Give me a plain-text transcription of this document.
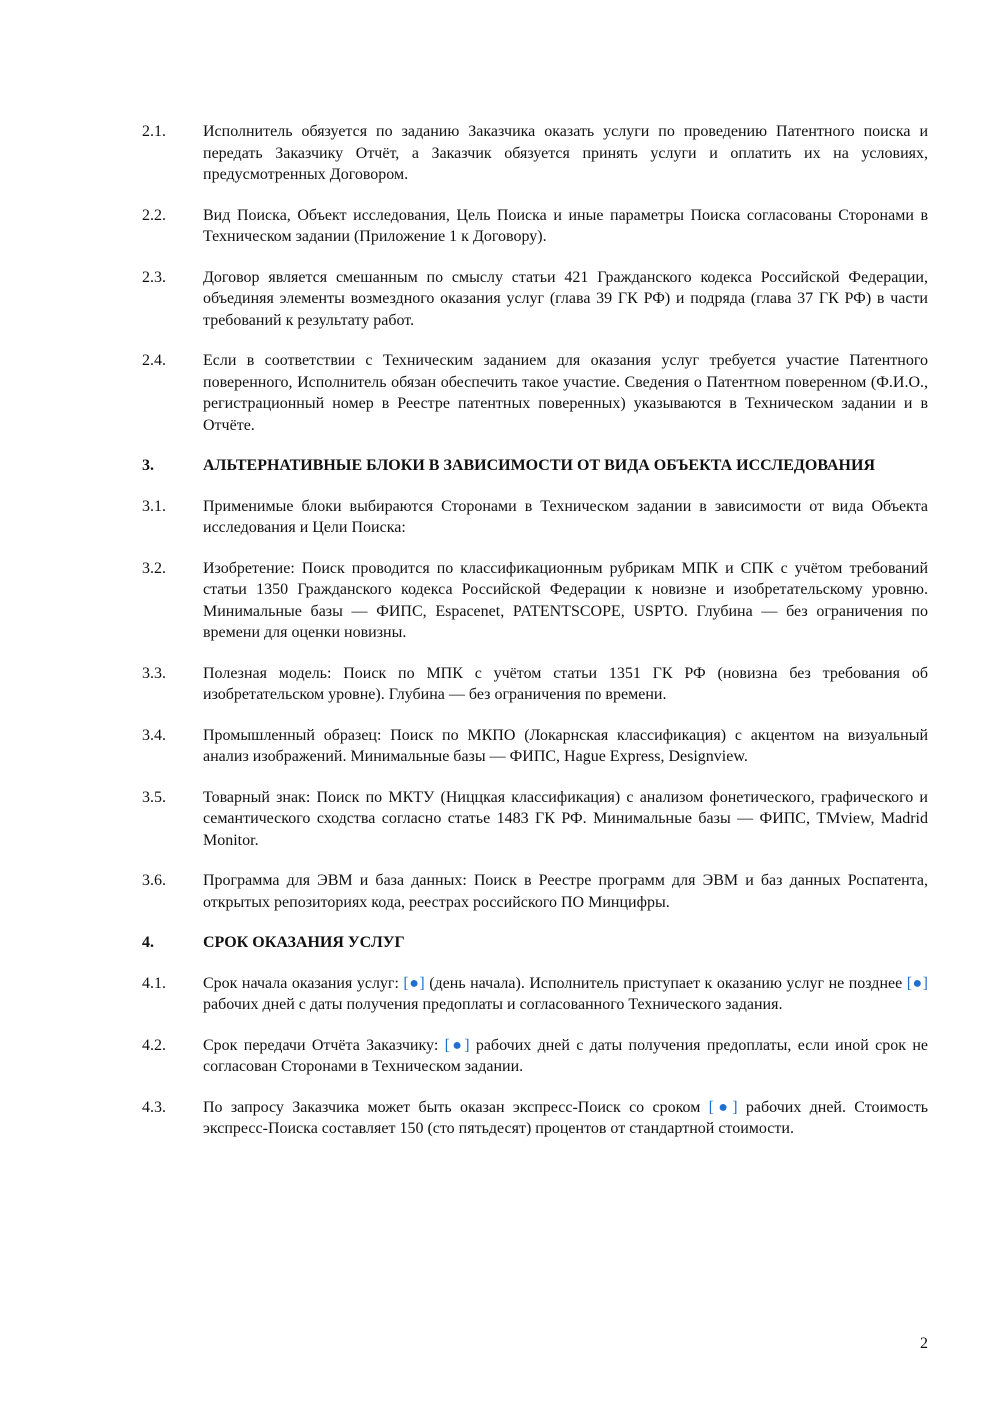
2.1.	Исполнитель обязуется по заданию Заказчика оказать услуги по проведению Патентного поиска и передать Заказчику Отчёт, а Заказчик обязуется принять услуги и оплатить их на условиях, предусмотренных Договором.
2.2.	Вид Поиска, Объект исследования, Цель Поиска и иные параметры Поиска согласованы Сторонами в Техническом задании (Приложение 1 к Договору).
2.3.	Договор является смешанным по смыслу статьи 421 Гражданского кодекса Российской Федерации, объединяя элементы возмездного оказания услуг (глава 39 ГК РФ) и подряда (глава 37 ГК РФ) в части требований к результату работ.
2.4.	Если в соответствии с Техническим заданием для оказания услуг требуется участие Патентного поверенного, Исполнитель обязан обеспечить такое участие. Сведения о Патентном поверенном (Ф.И.О., регистрационный номер в Реестре патентных поверенных) указываются в Техническом задании и в Отчёте.
3.	АЛЬТЕРНАТИВНЫЕ БЛОКИ В ЗАВИСИМОСТИ ОТ ВИДА ОБЪЕКТА ИССЛЕДОВАНИЯ
3.1.	Применимые блоки выбираются Сторонами в Техническом задании в зависимости от вида Объекта исследования и Цели Поиска:
3.2.	Изобретение: Поиск проводится по классификационным рубрикам МПК и СПК с учётом требований статьи 1350 Гражданского кодекса Российской Федерации к новизне и изобретательскому уровню. Минимальные базы — ФИПС, Espacenet, PATENTSCOPE, USPTO. Глубина — без ограничения по времени для оценки новизны.
3.3.	Полезная модель: Поиск по МПК с учётом статьи 1351 ГК РФ (новизна без требования об изобретательском уровне). Глубина — без ограничения по времени.
3.4.	Промышленный образец: Поиск по МКПО (Локарнская классификация) с акцентом на визуальный анализ изображений. Минимальные базы — ФИПС, Hague Express, Designview.
3.5.	Товарный знак: Поиск по МКТУ (Ниццкая классификация) с анализом фонетического, графического и семантического сходства согласно статье 1483 ГК РФ. Минимальные базы — ФИПС, TMview, Madrid Monitor.
3.6.	Программа для ЭВМ и база данных: Поиск в Реестре программ для ЭВМ и баз данных Роспатента, открытых репозиториях кода, реестрах российского ПО Минцифры.
4.	СРОК ОКАЗАНИЯ УСЛУГ
4.1.	Срок начала оказания услуг: [●] (день начала). Исполнитель приступает к оказанию услуг не позднее [●] рабочих дней с даты получения предоплаты и согласованного Технического задания.
4.2.	Срок передачи Отчёта Заказчику: [●] рабочих дней с даты получения предоплаты, если иной срок не согласован Сторонами в Техническом задании.
4.3.	По запросу Заказчика может быть оказан экспресс-Поиск со сроком [●] рабочих дней. Стоимость экспресс-Поиска составляет 150 (сто пятьдесят) процентов от стандартной стоимости.
2
